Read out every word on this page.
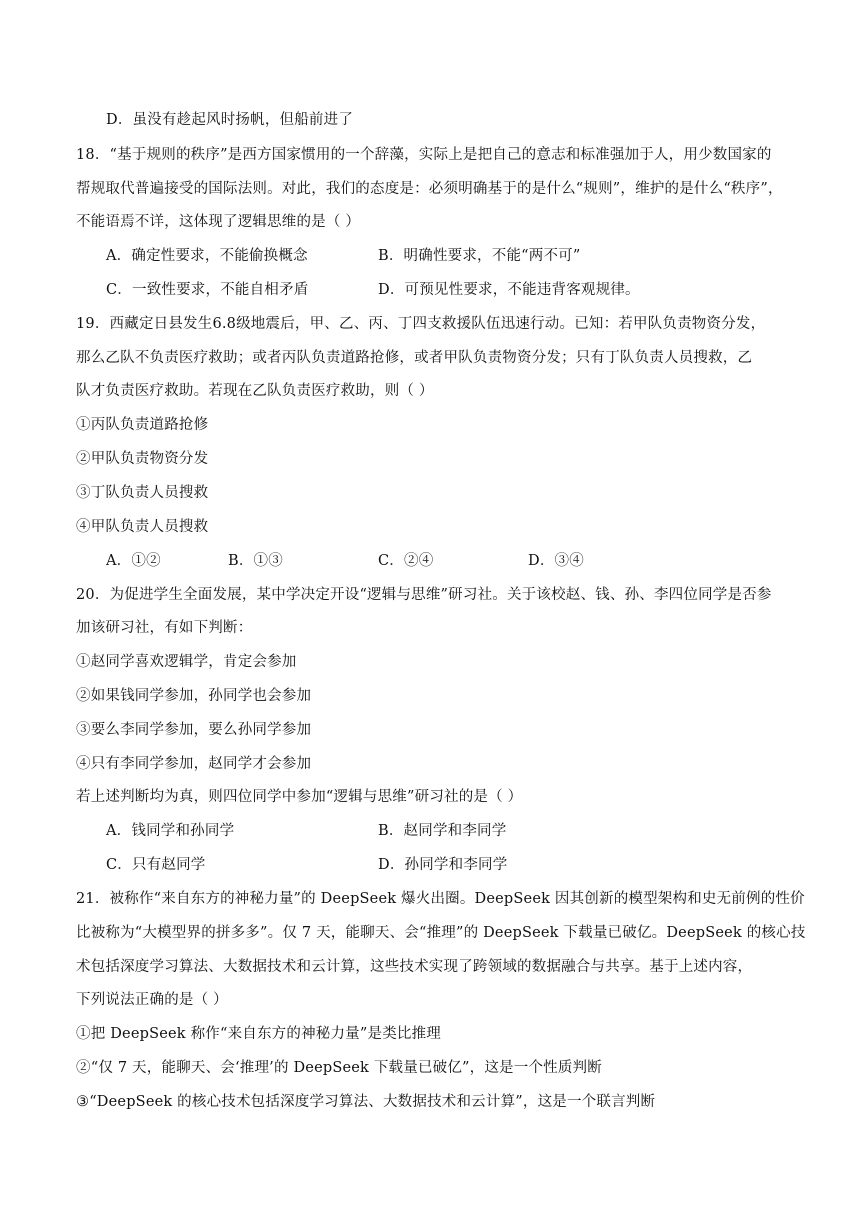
D．虽没有趁起风时扬帆，但船前进了
18．“基于规则的秩序”是西方国家惯用的一个辞藻，实际上是把自己的意志和标准强加于人，用少数国家的
帮规取代普遍接受的国际法则。对此，我们的态度是：必须明确基于的是什么“规则”，维护的是什么“秩序”，
不能语焉不详，这体现了逻辑思维的是（ ）
A．确定性要求，不能偷换概念	B．明确性要求，不能“两不可”
C．一致性要求，不能自相矛盾	D．可预见性要求，不能违背客观规律。
19．西藏定日县发生6.8级地震后，甲、乙、丙、丁四支救援队伍迅速行动。已知：若甲队负责物资分发，
那么乙队不负责医疗救助；或者丙队负责道路抢修，或者甲队负责物资分发；只有丁队负责人员搜救，乙
队才负责医疗救助。若现在乙队负责医疗救助，则（ ）
①丙队负责道路抢修
②甲队负责物资分发
③丁队负责人员搜救
④甲队负责人员搜救
A．①②	B．①③	C．②④	D．③④
20．为促进学生全面发展，某中学决定开设“逻辑与思维”研习社。关于该校赵、钱、孙、李四位同学是否参
加该研习社，有如下判断：
①赵同学喜欢逻辑学，肯定会参加
②如果钱同学参加，孙同学也会参加
③要么李同学参加，要么孙同学参加
④只有李同学参加，赵同学才会参加
若上述判断均为真，则四位同学中参加“逻辑与思维”研习社的是（ ）
A．钱同学和孙同学	B．赵同学和李同学
C．只有赵同学	D．孙同学和李同学
21．被称作“来自东方的神秘力量”的 DeepSeek 爆火出圈。DeepSeek 因其创新的模型架构和史无前例的性价
比被称为“大模型界的拼多多”。仅 7 天，能聊天、会“推理”的 DeepSeek 下载量已破亿。DeepSeek 的核心技
术包括深度学习算法、大数据技术和云计算，这些技术实现了跨领域的数据融合与共享。基于上述内容，
下列说法正确的是（ ）
①把 DeepSeek 称作“来自东方的神秘力量”是类比推理
②“仅 7 天，能聊天、会‘推理’的 DeepSeek 下载量已破亿”，这是一个性质判断
③“DeepSeek 的核心技术包括深度学习算法、大数据技术和云计算”，这是一个联言判断
